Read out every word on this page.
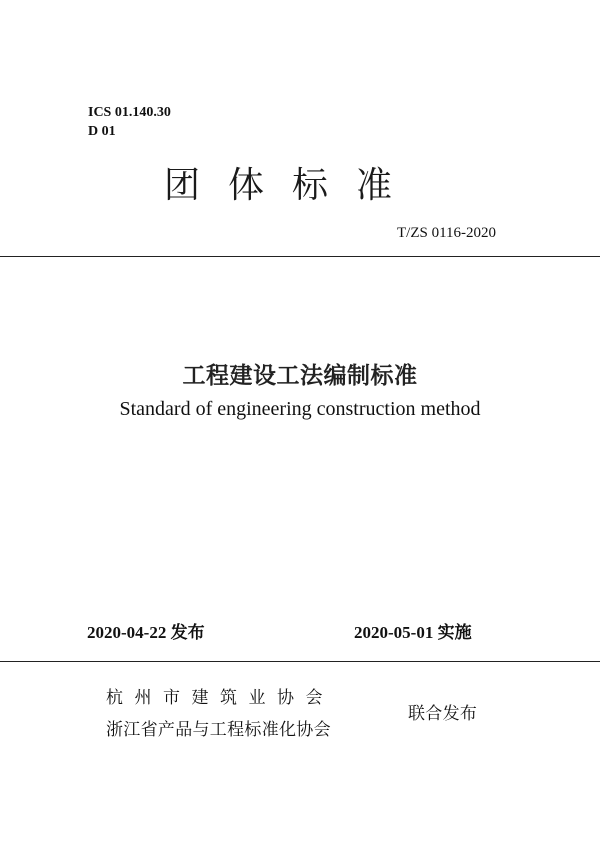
ICS 01.140.30
D 01
团体标准
T/ZS 0116-2020
工程建设工法编制标准
Standard of engineering construction method
2020-04-22 发布	2020-05-01 实施
杭州市建筑业协会
浙江省产品与工程标准化协会
联合发布
